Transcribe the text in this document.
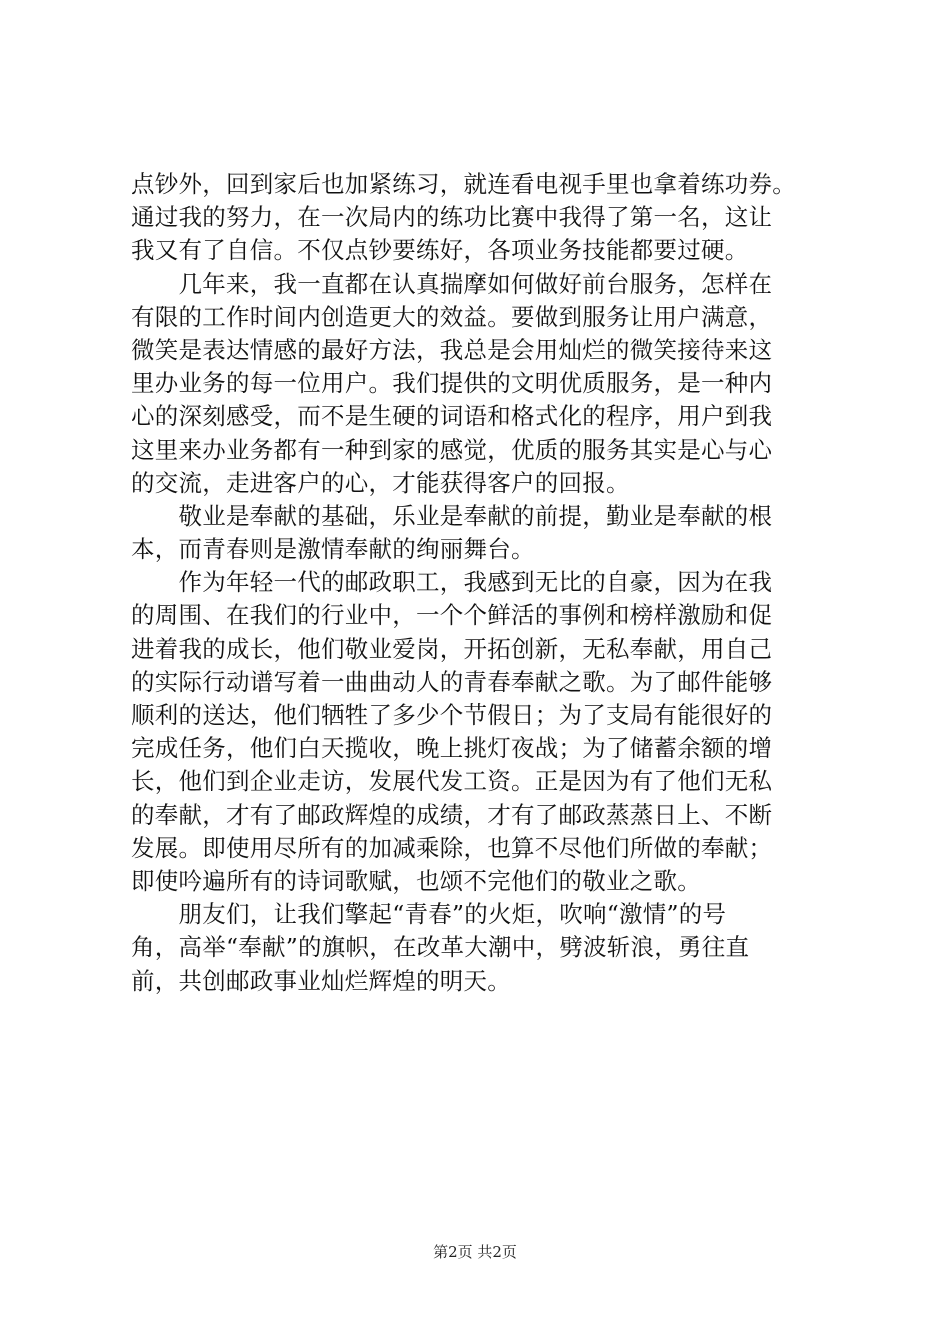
点钞外，回到家后也加紧练习，就连看电视手里也拿着练功券。
通过我的努力，在一次局内的练功比赛中我得了第一名，这让
我又有了自信。不仅点钞要练好，各项业务技能都要过硬。
　　几年来，我一直都在认真揣摩如何做好前台服务，怎样在
有限的工作时间内创造更大的效益。要做到服务让用户满意，
微笑是表达情感的最好方法，我总是会用灿烂的微笑接待来这
里办业务的每一位用户。我们提供的文明优质服务，是一种内
心的深刻感受，而不是生硬的词语和格式化的程序，用户到我
这里来办业务都有一种到家的感觉，优质的服务其实是心与心
的交流，走进客户的心，才能获得客户的回报。
　　敬业是奉献的基础，乐业是奉献的前提，勤业是奉献的根
本，而青春则是激情奉献的绚丽舞台。
　　作为年轻一代的邮政职工，我感到无比的自豪，因为在我
的周围、在我们的行业中，一个个鲜活的事例和榜样激励和促
进着我的成长，他们敬业爱岗，开拓创新，无私奉献，用自己
的实际行动谱写着一曲曲动人的青春奉献之歌。为了邮件能够
顺利的送达，他们牺牲了多少个节假日；为了支局有能很好的
完成任务，他们白天揽收，晚上挑灯夜战；为了储蓄余额的增
长，他们到企业走访，发展代发工资。正是因为有了他们无私
的奉献，才有了邮政辉煌的成绩，才有了邮政蒸蒸日上、不断
发展。即使用尽所有的加减乘除，也算不尽他们所做的奉献；
即使吟遍所有的诗词歌赋，也颂不完他们的敬业之歌。
　　朋友们，让我们擎起“青春”的火炬，吹响“激情”的号
角，高举“奉献”的旗帜，在改革大潮中，劈波斩浪，勇往直
前，共创邮政事业灿烂辉煌的明天。
第2页 共2页
